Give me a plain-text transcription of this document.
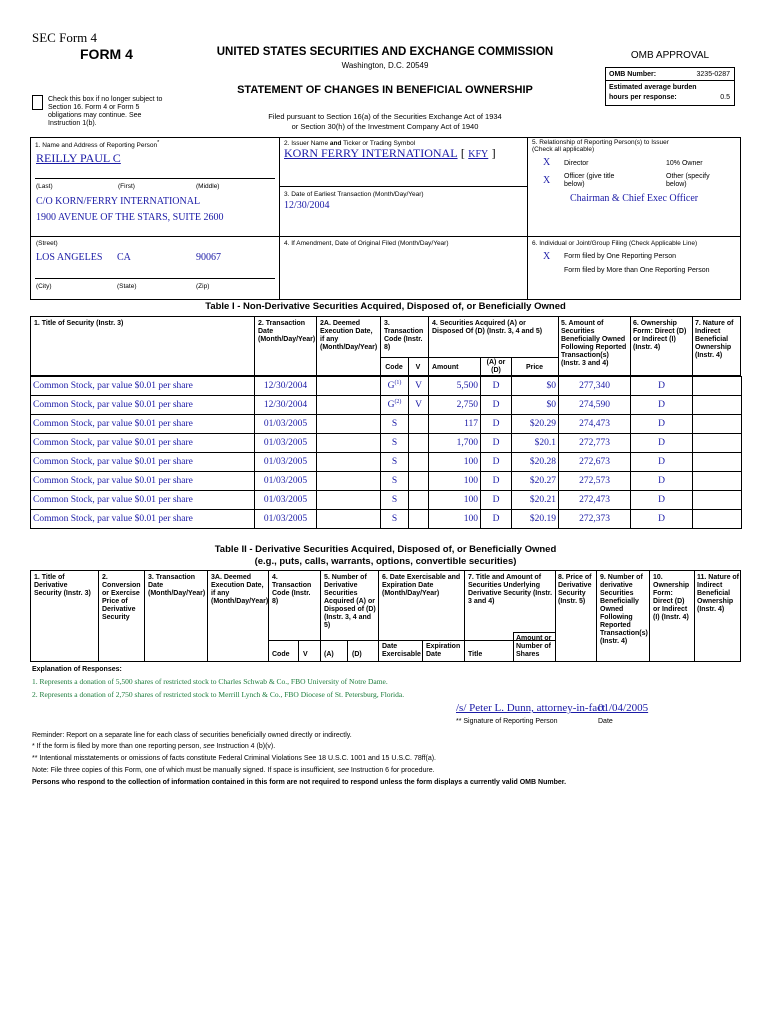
SEC Form 4
FORM 4	UNITED STATES SECURITIES AND EXCHANGE COMMISSION
Washington, D.C. 20549
STATEMENT OF CHANGES IN BENEFICIAL OWNERSHIP
Check this box if no longer subject to Section 16. Form 4 or Form 5 obligations may continue. See Instruction 1(b).
Filed pursuant to Section 16(a) of the Securities Exchange Act of 1934
or Section 30(h) of the Investment Company Act of 1940
OMB APPROVAL
OMB Number:	3235-0287
Estimated average burden
hours per response:	0.5
1. Name and Address of Reporting Person*
REILLY PAUL C
(Last)	(First)	(Middle)
C/O KORN/FERRY INTERNATIONAL
1900 AVENUE OF THE STARS, SUITE 2600
(Street)
LOS ANGELES CA	90067
(City)	(State)	(Zip)
2. Issuer Name and Ticker or Trading Symbol
KORN FERRY INTERNATIONAL [ KFY ]
3. Date of Earliest Transaction (Month/Day/Year)
12/30/2004
4. If Amendment, Date of Original Filed (Month/Day/Year)
5. Relationship of Reporting Person(s) to Issuer
(Check all applicable)
X Director	10% Owner
X Officer (give title below)
Other (specify below)
Chairman & Chief Exec Officer
6. Individual or Joint/Group Filing (Check Applicable Line)
X Form filed by One Reporting Person
Form filed by More than One Reporting Person
Table I - Non-Derivative Securities Acquired, Disposed of, or Beneficially Owned
1. Title of Security (Instr. 3)	2. Transaction Date (Month/Day/Year)
2A. Deemed Execution Date, if any (Month/Day/Year)
3. Transaction Code (Instr. 8)
4. Securities Acquired (A) or Disposed Of (D) (Instr. 3, 4 and 5)
5. Amount of Securities Beneficially Owned Following Reported Transaction(s) (Instr. 3 and 4)
6. Ownership Form: Direct (D) or Indirect (I) (Instr. 4)
7. Nature of Indirect Beneficial Ownership (Instr. 4)
Code	V	Amount
(A) or (D)	Price
Common Stock, par value $0.01 per share	12/30/2004		$G^{(1)}$	V	5,500	D	$0	277,340	D	
Common Stock, par value $0.01 per share	12/30/2004		$G^{(2)}$	V	2,750	D	$0	274,590	D	
Common Stock, par value $0.01 per share	01/03/2005		S		117	D	$20.29	274,473	D	
Common Stock, par value $0.01 per share	01/03/2005		S		1,700	D	$20.1	272,773	D	
Common Stock, par value $0.01 per share	01/03/2005		S		100	D	$20.28	272,673	D	
Common Stock, par value $0.01 per share	01/03/2005		S		100	D	$20.27	272,573	D	
Common Stock, par value $0.01 per share	01/03/2005		S		100	D	$20.21	272,473	D	
Common Stock, par value $0.01 per share	01/03/2005		S		100	D	$20.19	272,373	D	
Table II - Derivative Securities Acquired, Disposed of, or Beneficially Owned
(e.g., puts, calls, warrants, options, convertible securities)
1. Title of Derivative Security (Instr. 3)
2. Conversion or Exercise Price of Derivative Security
3. Transaction Date (Month/Day/Year)
3A. Deemed Execution Date, if any (Month/Day/Year)
4. Transaction Code (Instr. 8)
5. Number of Derivative Securities Acquired (A) or Disposed of (D) (Instr. 3, 4 and 5)
6. Date Exercisable and Expiration Date (Month/Day/Year)
7. Title and Amount of Securities Underlying Derivative Security (Instr. 3 and 4)
8. Price of Derivative Security (Instr. 5)
9. Number of derivative Securities Beneficially Owned Following Reported Transaction(s) (Instr. 4)
10. Ownership Form: Direct (D) or Indirect (I) (Instr. 4)
11. Nature of Indirect Beneficial Ownership (Instr. 4)
Code V (A)	(D)
Date Exercisable
Expiration Date	Title
Amount or Number of Shares
Explanation of Responses:
1. Represents a donation of 5,500 shares of restricted stock to Charles Schwab & Co., FBO University of Notre Dame.
2. Represents a donation of 2,750 shares of restricted stock to Merrill Lynch & Co., FBO Diocese of St. Petersburg, Florida.
/s/ Peter L. Dunn, attorney-in-fact
01/04/2005
** Signature of Reporting Person	Date
Reminder: Report on a separate line for each class of securities beneficially owned directly or indirectly.
* If the form is filed by more than one reporting person, see Instruction 4 (b)(v).
** Intentional misstatements or omissions of facts constitute Federal Criminal Violations See 18 U.S.C. 1001 and 15 U.S.C. 78ff(a).
Note: File three copies of this Form, one of which must be manually signed. If space is insufficient, see Instruction 6 for procedure.
Persons who respond to the collection of information contained in this form are not required to respond unless the form displays a currently valid OMB Number.
